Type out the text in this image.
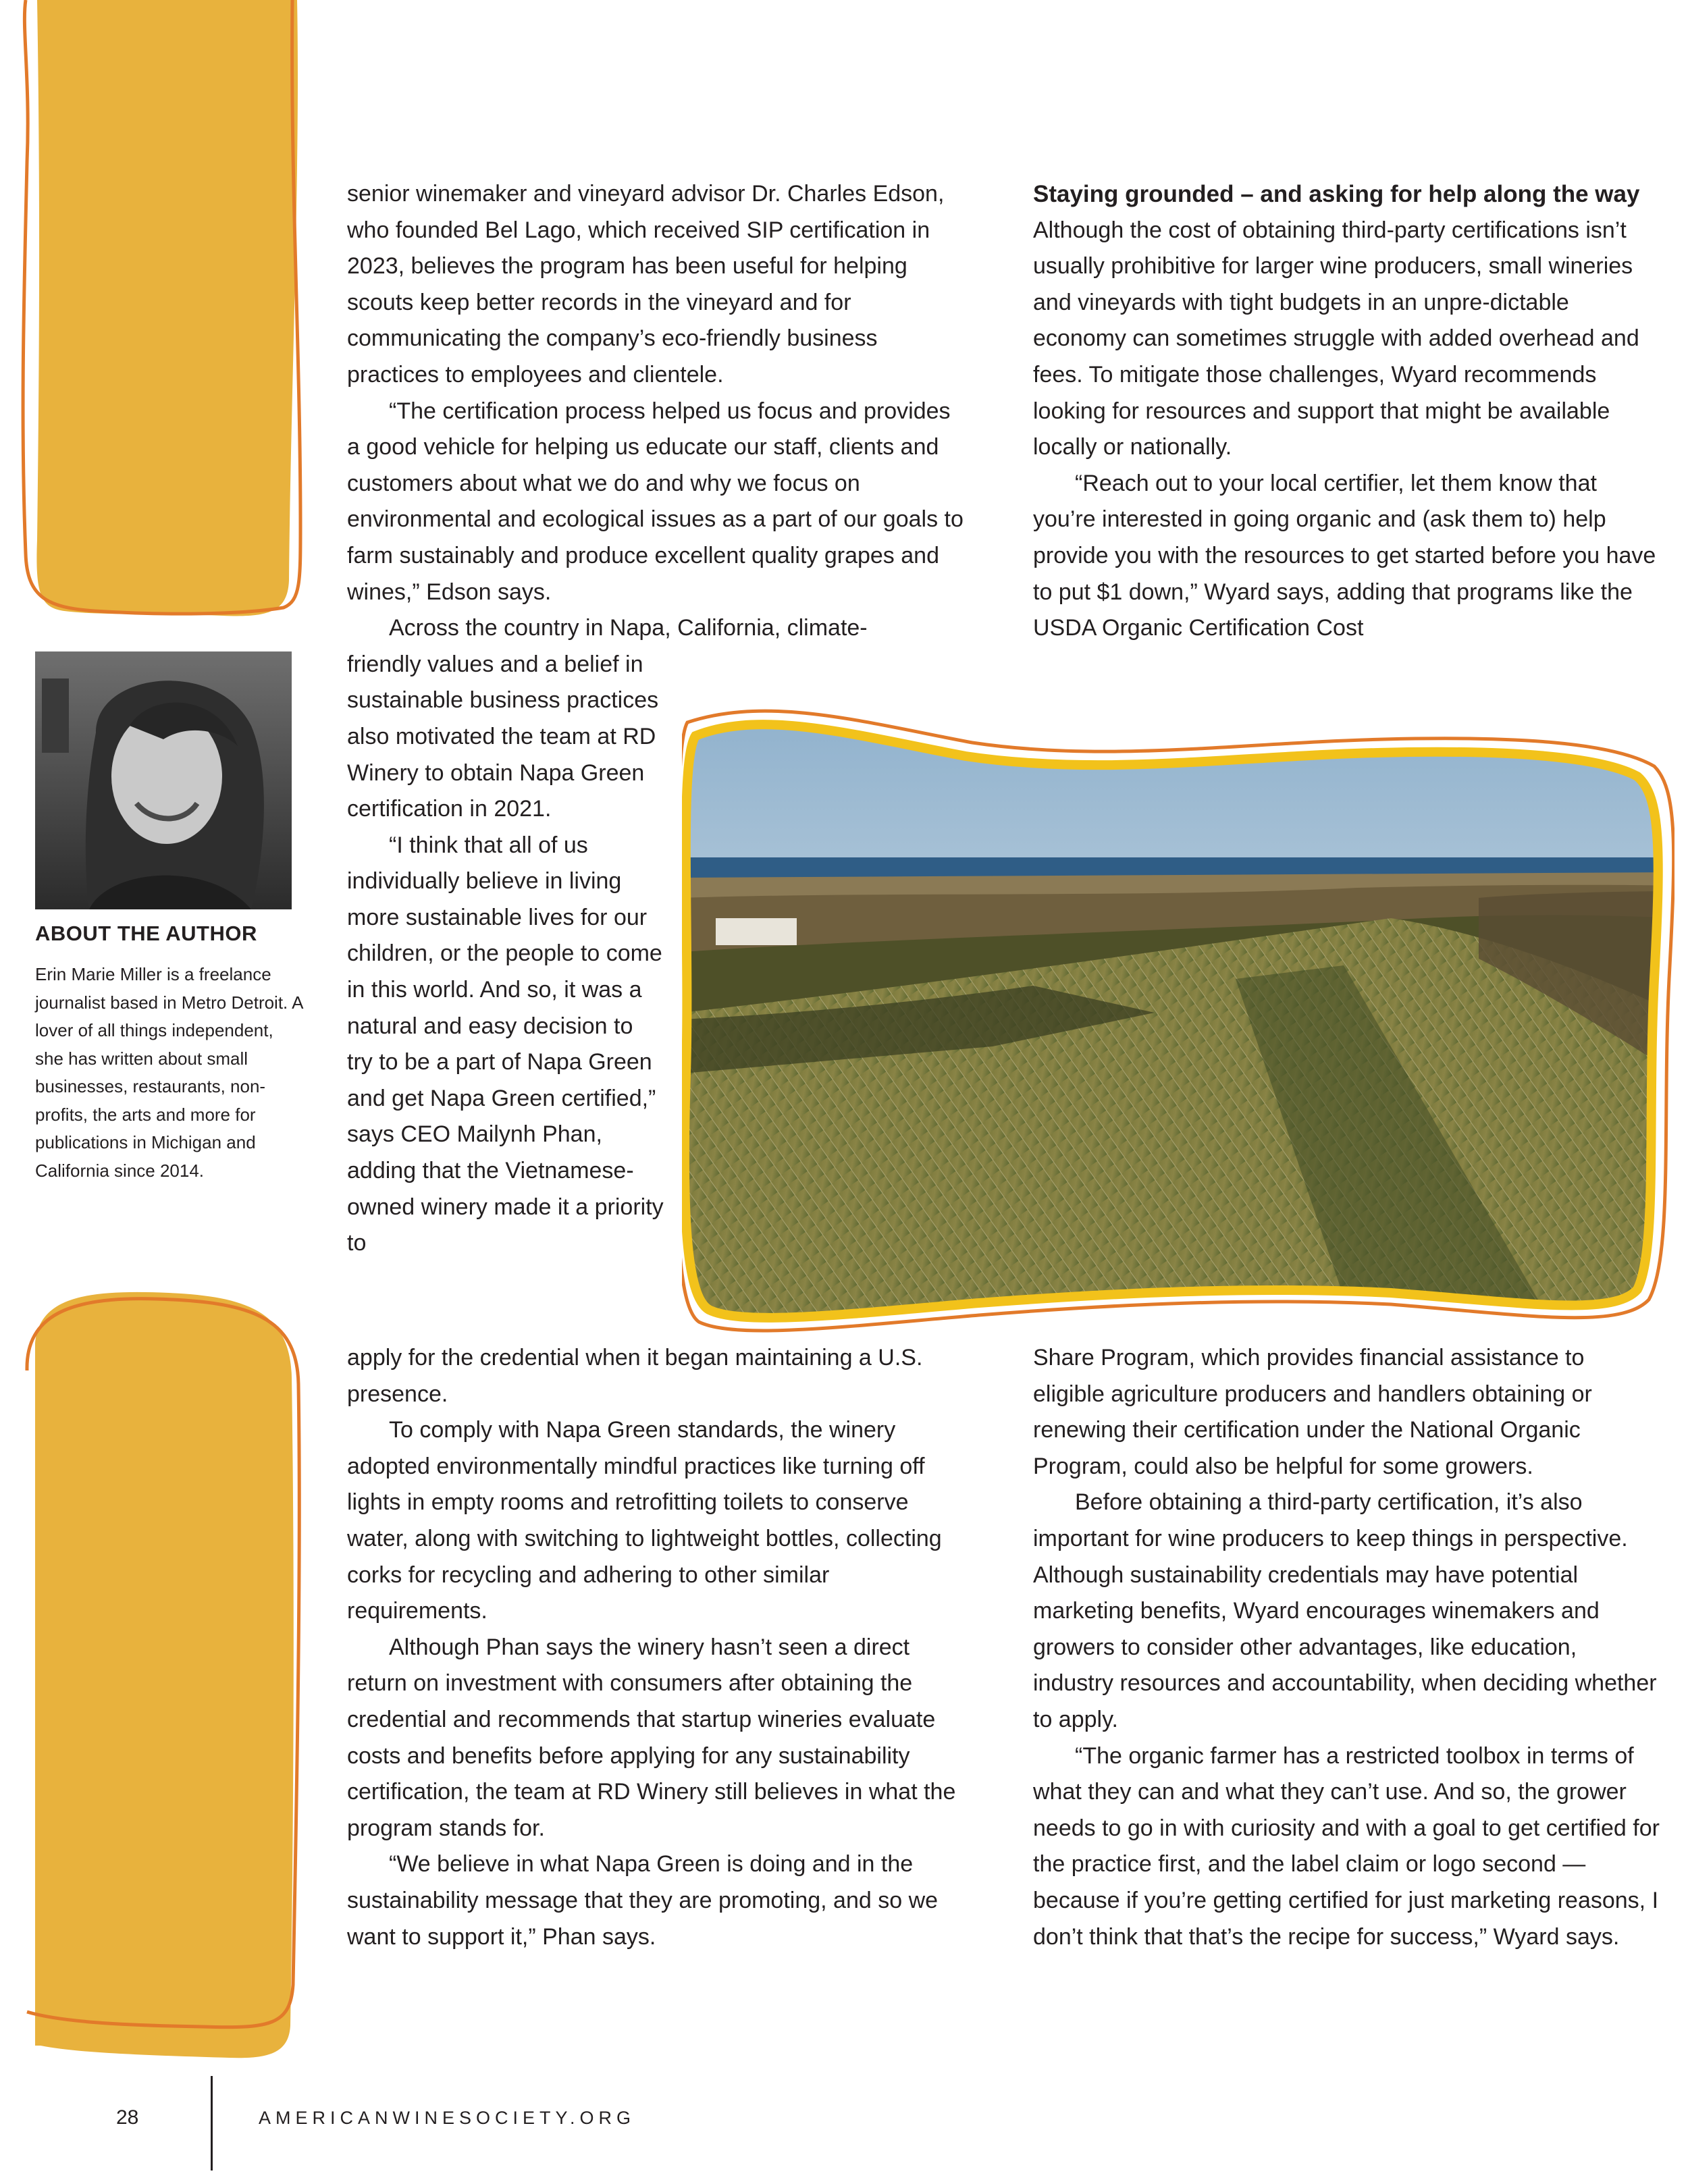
ABOUT THE AUTHOR

Erin Marie Miller is a freelance journalist based in Metro Detroit. A lover of all things independent, she has written about small businesses, restaurants, non-profits, the arts and more for publications in Michigan and California since 2014.

senior winemaker and vineyard advisor Dr. Charles Edson, who founded Bel Lago, which received SIP certification in 2023, believes the program has been useful for helping scouts keep better records in the vineyard and for communicating the company’s eco-friendly business practices to employees and clientele.

“The certification process helped us focus and provides a good vehicle for helping us educate our staff, clients and customers about what we do and why we focus on environmental and ecological issues as a part of our goals to farm sustainably and produce excellent quality grapes and wines,” Edson says.

Across the country in Napa, California, climate-

friendly values and a belief in sustainable business practices also motivated the team at RD Winery to obtain Napa Green certification in 2021.

“I think that all of us individually believe in living more sustainable lives for our children, or the people to come in this world. And so, it was a natural and easy decision to try to be a part of Napa Green and get Napa Green certified,” says CEO Mailynh Phan, adding that the Vietnamese-owned winery made it a priority to

apply for the credential when it began maintaining a U.S. presence.

To comply with Napa Green standards, the winery adopted environmentally mindful practices like turning off lights in empty rooms and retrofitting toilets to conserve water, along with switching to lightweight bottles, collecting corks for recycling and adhering to other similar requirements.

Although Phan says the winery hasn’t seen a direct return on investment with consumers after obtaining the credential and recommends that startup wineries evaluate costs and benefits before applying for any sustainability certification, the team at RD Winery still believes in what the program stands for.

“We believe in what Napa Green is doing and in the sustainability message that they are promoting, and so we want to support it,” Phan says.

Staying grounded – and asking for help along the way

Although the cost of obtaining third-party certifications isn’t usually prohibitive for larger wine producers, small wineries and vineyards with tight budgets in an unpre-dictable economy can sometimes struggle with added overhead and fees. To mitigate those challenges, Wyard recommends looking for resources and support that might be available locally or nationally.

“Reach out to your local certifier, let them know that you’re interested in going organic and (ask them to) help provide you with the resources to get started before you have to put $1 down,” Wyard says, adding that programs like the USDA Organic Certification Cost

Share Program, which provides financial assistance to eligible agriculture producers and handlers obtaining or renewing their certification under the National Organic Program, could also be helpful for some growers.

Before obtaining a third-party certification, it’s also important for wine producers to keep things in perspective. Although sustainability credentials may have potential marketing benefits, Wyard encourages winemakers and growers to consider other advantages, like education, industry resources and accountability, when deciding whether to apply.

“The organic farmer has a restricted toolbox in terms of what they can and what they can’t use. And so, the grower needs to go in with curiosity and with a goal to get certified for the practice first, and the label claim or logo second — because if you’re getting certified for just marketing reasons, I don’t think that that’s the recipe for success,” Wyard says.

28	AMERICANWINESOCIETY.ORG
